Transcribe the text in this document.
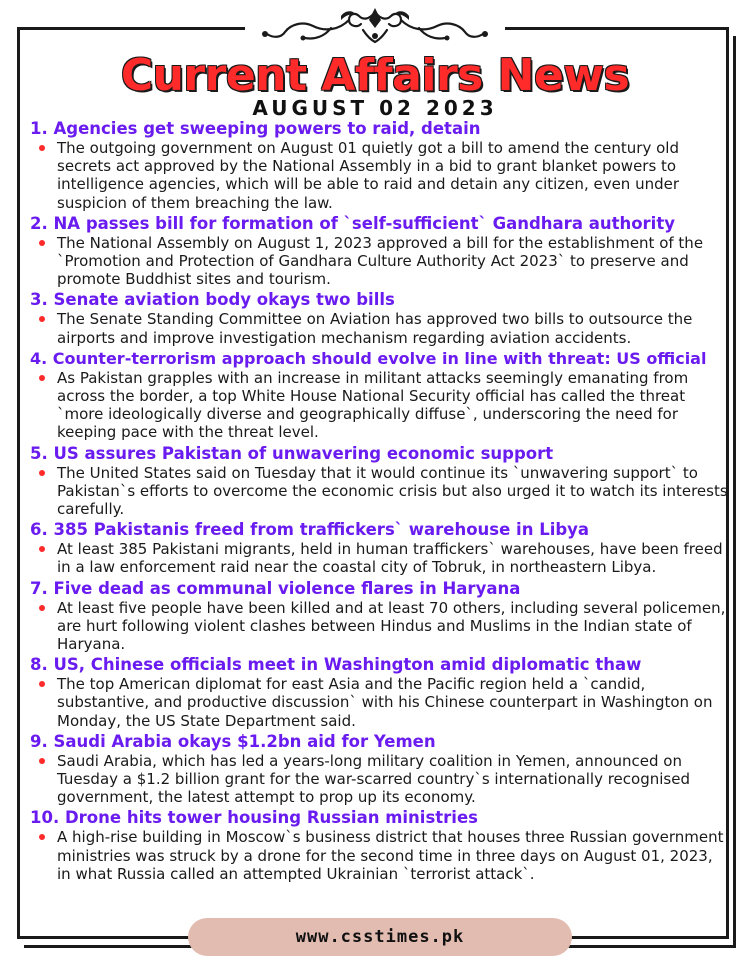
Current Affairs News
AUGUST 02 2023
1. Agencies get sweeping powers to raid, detain
The outgoing government on August 01 quietly got a bill to amend the century old secrets act approved by the National Assembly in a bid to grant blanket powers to intelligence agencies, which will be able to raid and detain any citizen, even under suspicion of them breaching the law.
2. NA passes bill for formation of `self-sufficient` Gandhara authority
The National Assembly on August 1, 2023 approved a bill for the establishment of the `Promotion and Protection of Gandhara Culture Authority Act 2023` to preserve and promote Buddhist sites and tourism.
3. Senate aviation body okays two bills
The Senate Standing Committee on Aviation has approved two bills to outsource the airports and improve investigation mechanism regarding aviation accidents.
4. Counter-terrorism approach should evolve in line with threat: US official
As Pakistan grapples with an increase in militant attacks seemingly emanating from across the border, a top White House National Security official has called the threat `more ideologically diverse and geographically diffuse`, underscoring the need for keeping pace with the threat level.
5. US assures Pakistan of unwavering economic support
The United States said on Tuesday that it would continue its `unwavering support` to Pakistan`s efforts to overcome the economic crisis but also urged it to watch its interests carefully.
6. 385 Pakistanis freed from traffickers` warehouse in Libya
At least 385 Pakistani migrants, held in human traffickers` warehouses, have been freed in a law enforcement raid near the coastal city of Tobruk, in northeastern Libya.
7. Five dead as communal violence flares in Haryana
At least five people have been killed and at least 70 others, including several policemen, are hurt following violent clashes between Hindus and Muslims in the Indian state of Haryana.
8. US, Chinese officials meet in Washington amid diplomatic thaw
The top American diplomat for east Asia and the Pacific region held a `candid, substantive, and productive discussion` with his Chinese counterpart in Washington on Monday, the US State Department said.
9. Saudi Arabia okays $1.2bn aid for Yemen
Saudi Arabia, which has led a years-long military coalition in Yemen, announced on Tuesday a $1.2 billion grant for the war-scarred country`s internationally recognised government, the latest attempt to prop up its economy.
10. Drone hits tower housing Russian ministries
A high-rise building in Moscow`s business district that houses three Russian government ministries was struck by a drone for the second time in three days on August 01, 2023, in what Russia called an attempted Ukrainian `terrorist attack`.
www.csstimes.pk
